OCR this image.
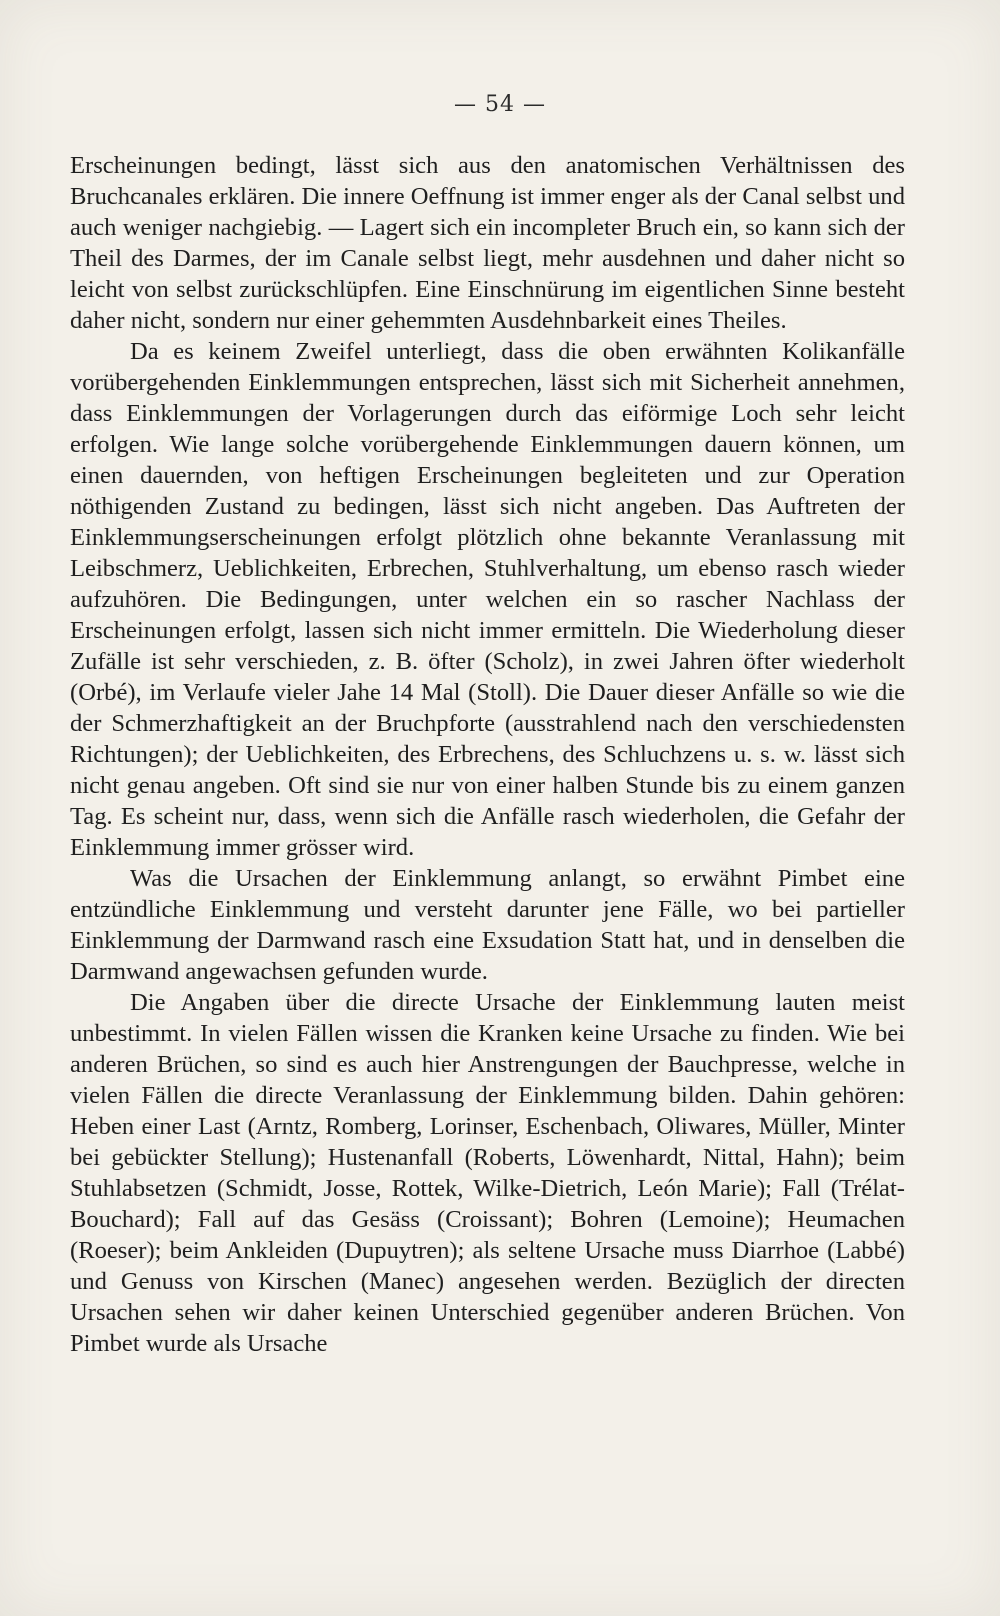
— 54 —

Erscheinungen bedingt, lässt sich aus den anatomischen Verhältnissen des Bruchcanales erklären. Die innere Oeffnung ist immer enger als der Canal selbst und auch weniger nachgiebig. — Lagert sich ein incompleter Bruch ein, so kann sich der Theil des Darmes, der im Canale selbst liegt, mehr ausdehnen und daher nicht so leicht von selbst zurückschlüpfen. Eine Einschnürung im eigentlichen Sinne besteht daher nicht, sondern nur einer gehemmten Ausdehnbarkeit eines Theiles.

Da es keinem Zweifel unterliegt, dass die oben erwähnten Kolikanfälle vorübergehenden Einklemmungen entsprechen, lässt sich mit Sicherheit annehmen, dass Einklemmungen der Vorlagerungen durch das eiförmige Loch sehr leicht erfolgen. Wie lange solche vorübergehende Einklemmungen dauern können, um einen dauernden, von heftigen Erscheinungen begleiteten und zur Operation nöthigenden Zustand zu bedingen, lässt sich nicht angeben. Das Auftreten der Einklemmungserscheinungen erfolgt plötzlich ohne bekannte Veranlassung mit Leibschmerz, Ueblichkeiten, Erbrechen, Stuhlverhaltung, um ebenso rasch wieder aufzuhören. Die Bedingungen, unter welchen ein so rascher Nachlass der Erscheinungen erfolgt, lassen sich nicht immer ermitteln. Die Wiederholung dieser Zufälle ist sehr verschieden, z. B. öfter (Scholz), in zwei Jahren öfter wiederholt (Orbé), im Verlaufe vieler Jahe 14 Mal (Stoll). Die Dauer dieser Anfälle so wie die der Schmerzhaftigkeit an der Bruchpforte (ausstrahlend nach den verschiedensten Richtungen); der Ueblichkeiten, des Erbrechens, des Schluchzens u. s. w. lässt sich nicht genau angeben. Oft sind sie nur von einer halben Stunde bis zu einem ganzen Tag. Es scheint nur, dass, wenn sich die Anfälle rasch wiederholen, die Gefahr der Einklemmung immer grösser wird.

Was die Ursachen der Einklemmung anlangt, so erwähnt Pimbet eine entzündliche Einklemmung und versteht darunter jene Fälle, wo bei partieller Einklemmung der Darmwand rasch eine Exsudation Statt hat, und in denselben die Darmwand angewachsen gefunden wurde.

Die Angaben über die directe Ursache der Einklemmung lauten meist unbestimmt. In vielen Fällen wissen die Kranken keine Ursache zu finden. Wie bei anderen Brüchen, so sind es auch hier Anstrengungen der Bauchpresse, welche in vielen Fällen die directe Veranlassung der Einklemmung bilden. Dahin gehören: Heben einer Last (Arntz, Romberg, Lorinser, Eschenbach, Oliwares, Müller, Minter bei gebückter Stellung); Hustenanfall (Roberts, Löwenhardt, Nittal, Hahn); beim Stuhlabsetzen (Schmidt, Josse, Rottek, Wilke-Dietrich, León Marie); Fall (Trélat-Bouchard); Fall auf das Gesäss (Croissant); Bohren (Lemoine); Heumachen (Roeser); beim Ankleiden (Dupuytren); als seltene Ursache muss Diarrhoe (Labbé) und Genuss von Kirschen (Manec) angesehen werden. Bezüglich der directen Ursachen sehen wir daher keinen Unterschied gegenüber anderen Brüchen. Von Pimbet wurde als Ursache
